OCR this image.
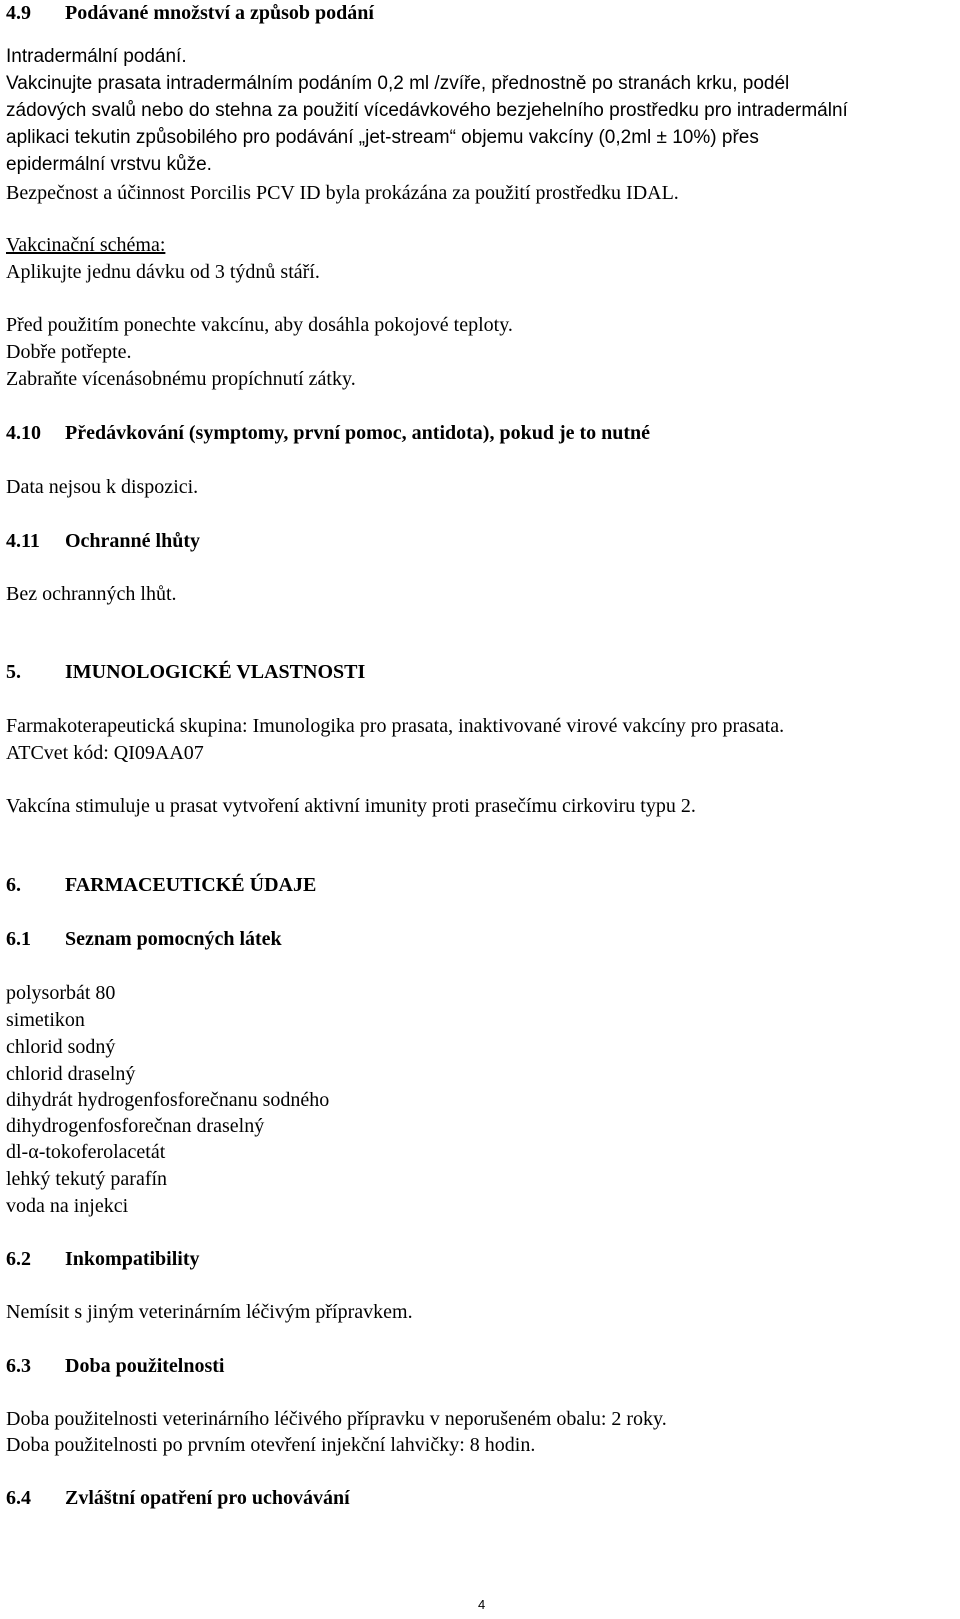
4.9 Podávané množství a způsob podání
Intradermální podání.
Vakcinujte prasata intradermálním podáním 0,2 ml /zvíře, přednostně po stranách krku, podél
zádových svalů nebo do stehna za použití vícedávkového bezjehelního prostředku pro intradermální
aplikaci tekutin způsobilého pro podávání „jet-stream“ objemu vakcíny (0,2ml ± 10%) přes
epidermální vrstvu kůže.
Bezpečnost a účinnost Porcilis PCV ID byla prokázána za použití prostředku IDAL.
Vakcinační schéma:
Aplikujte jednu dávku od 3 týdnů stáří.
Před použitím ponechte vakcínu, aby dosáhla pokojové teploty.
Dobře potřepte.
Zabraňte vícenásobnému propíchnutí zátky.
4.10 Předávkování (symptomy, první pomoc, antidota), pokud je to nutné
Data nejsou k dispozici.
4.11 Ochranné lhůty
Bez ochranných lhůt.
5. IMUNOLOGICKÉ VLASTNOSTI
Farmakoterapeutická skupina: Imunologika pro prasata, inaktivované virové vakcíny pro prasata.
ATCvet kód: QI09AA07
Vakcína stimuluje u prasat vytvoření aktivní imunity proti prasečímu cirkoviru typu 2.
6. FARMACEUTICKÉ ÚDAJE
6.1 Seznam pomocných látek
polysorbát 80
simetikon
chlorid sodný
chlorid draselný
dihydrát hydrogenfosforečnanu sodného
dihydrogenfosforečnan draselný
dl-α-tokoferolacetát
lehký tekutý parafín
voda na injekci
6.2 Inkompatibility
Nemísit s jiným veterinárním léčivým přípravkem.
6.3 Doba použitelnosti
Doba použitelnosti veterinárního léčivého přípravku v neporušeném obalu: 2 roky.
Doba použitelnosti po prvním otevření injekční lahvičky: 8 hodin.
6.4 Zvláštní opatření pro uchovávání
4
